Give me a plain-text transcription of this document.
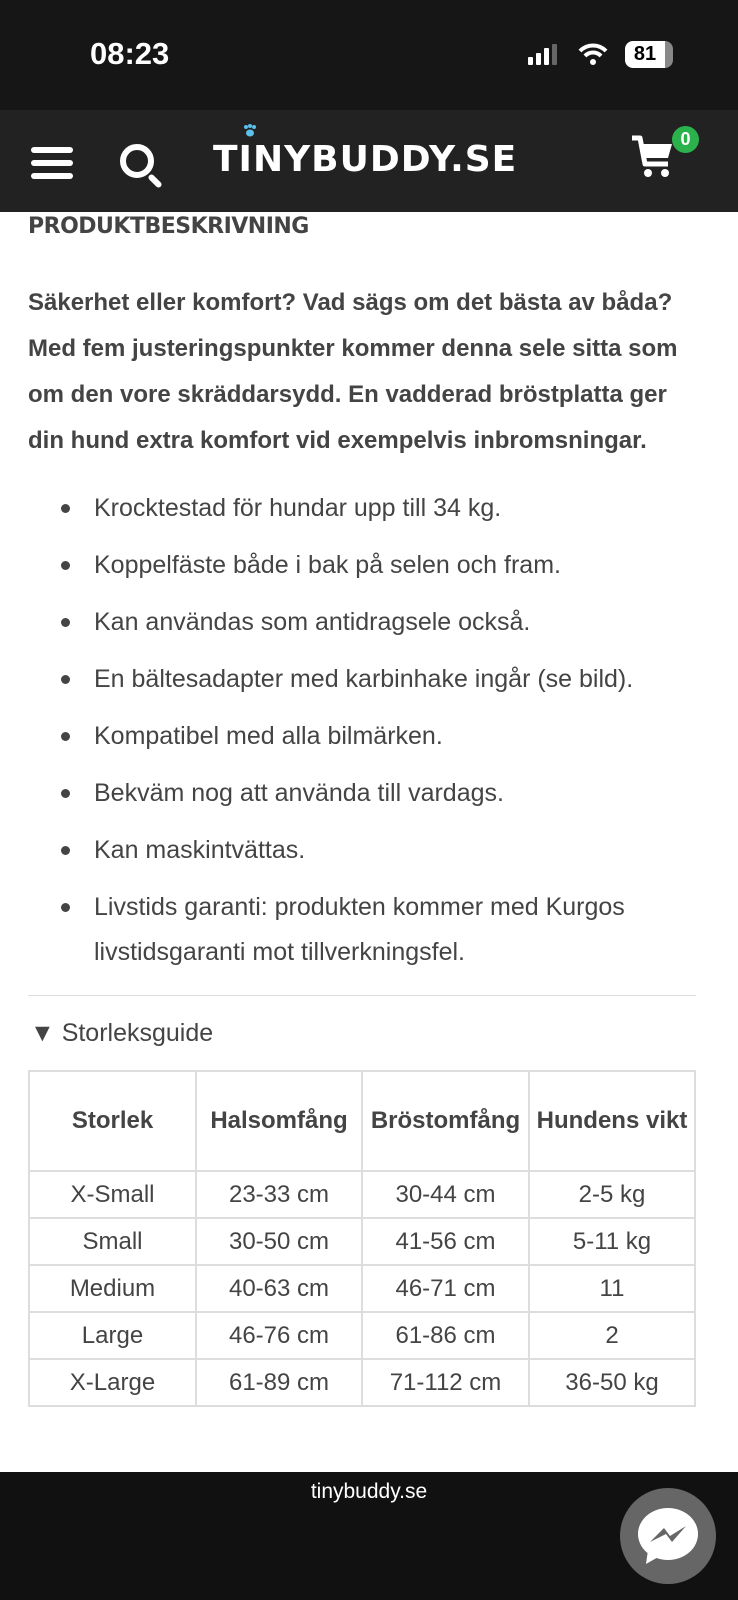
08:23	81
TINYBUDDY.SE	0
PRODUKTBESKRIVNING

Säkerhet eller komfort? Vad sägs om det bästa av båda? Med fem justeringspunkter kommer denna sele sitta som om den vore skräddarsydd. En vadderad bröstplatta ger din hund extra komfort vid exempelvis inbromsningar.

Krocktestad för hundar upp till 34 kg.
Koppelfäste både i bak på selen och fram.
Kan användas som antidragsele också.
En bältesadapter med karbinhake ingår (se bild).
Kompatibel med alla bilmärken.
Bekväm nog att använda till vardags.
Kan maskintvättas.
Livstids garanti: produkten kommer med Kurgos livstidsgaranti mot tillverkningsfel.
▼ Storleksguide
Storlek	Halsomfång	Bröstomfång	Hundens vikt
X-Small	23-33 cm	30-44 cm	2-5 kg
Small	30-50 cm	41-56 cm	5-11 kg
Medium	40-63 cm	46-71 cm	11
Large	46-76 cm	61-86 cm	2
X-Large	61-89 cm	71-112 cm	36-50 kg
tinybuddy.se
